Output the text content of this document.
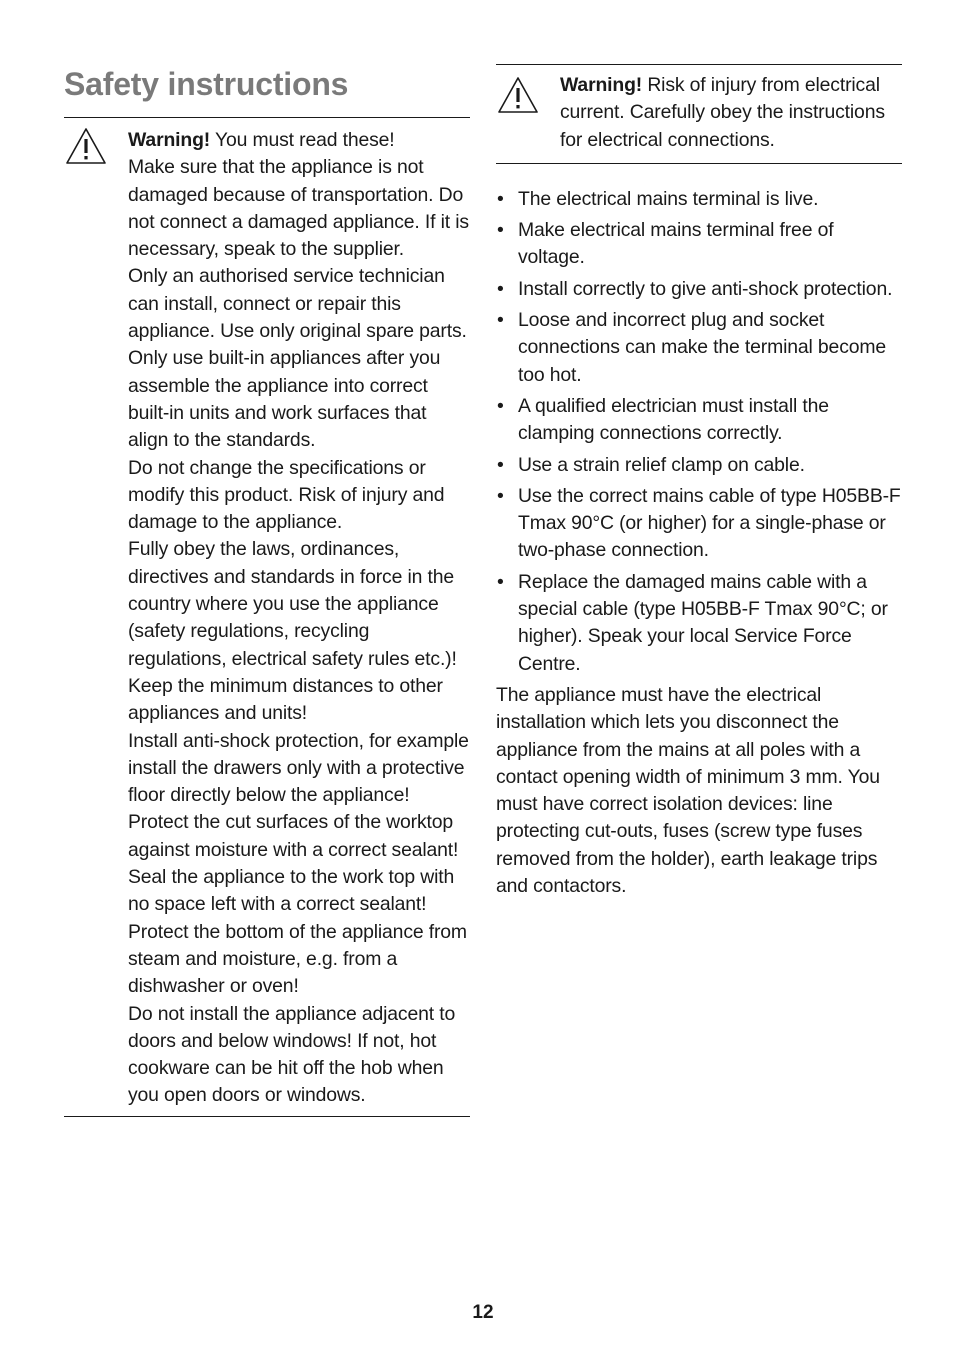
Safety instructions

Warning! You must read these!

Make sure that the appliance is not damaged because of transportation. Do not connect a damaged appliance. If it is necessary, speak to the supplier.

Only an authorised service technician can install, connect or repair this appliance. Use only original spare parts.

Only use built-in appliances after you assemble the appliance into correct built-in units and work surfaces that align to the standards.

Do not change the specifications or modify this product. Risk of injury and damage to the appliance.

Fully obey the laws, ordinances, directives and standards in force in the country where you use the appliance (safety regulations, recycling regulations, electrical safety rules etc.)!

Keep the minimum distances to other appliances and units!

Install anti-shock protection, for example install the drawers only with a protective floor directly below the appliance!

Protect the cut surfaces of the worktop against moisture with a correct sealant!

Seal the appliance to the work top with no space left with a correct sealant!

Protect the bottom of the appliance from steam and moisture, e.g. from a dishwasher or oven!

Do not install the appliance adjacent to doors and below windows! If not, hot cookware can be hit off the hob when you open doors or windows.

Warning! Risk of injury from electrical current. Carefully obey the instructions for electrical connections.

• The electrical mains terminal is live.
• Make electrical mains terminal free of voltage.
• Install correctly to give anti-shock protection.
• Loose and incorrect plug and socket connections can make the terminal become too hot.
• A qualified electrician must install the clamping connections correctly.
• Use a strain relief clamp on cable.
• Use the correct mains cable of type H05BB-F Tmax 90°C (or higher) for a single-phase or two-phase connection.
• Replace the damaged mains cable with a special cable (type H05BB-F Tmax 90°C; or higher). Speak your local Service Force Centre.

The appliance must have the electrical installation which lets you disconnect the appliance from the mains at all poles with a contact opening width of minimum 3 mm. You must have correct isolation devices: line protecting cut-outs, fuses (screw type fuses removed from the holder), earth leakage trips and contactors.

12
